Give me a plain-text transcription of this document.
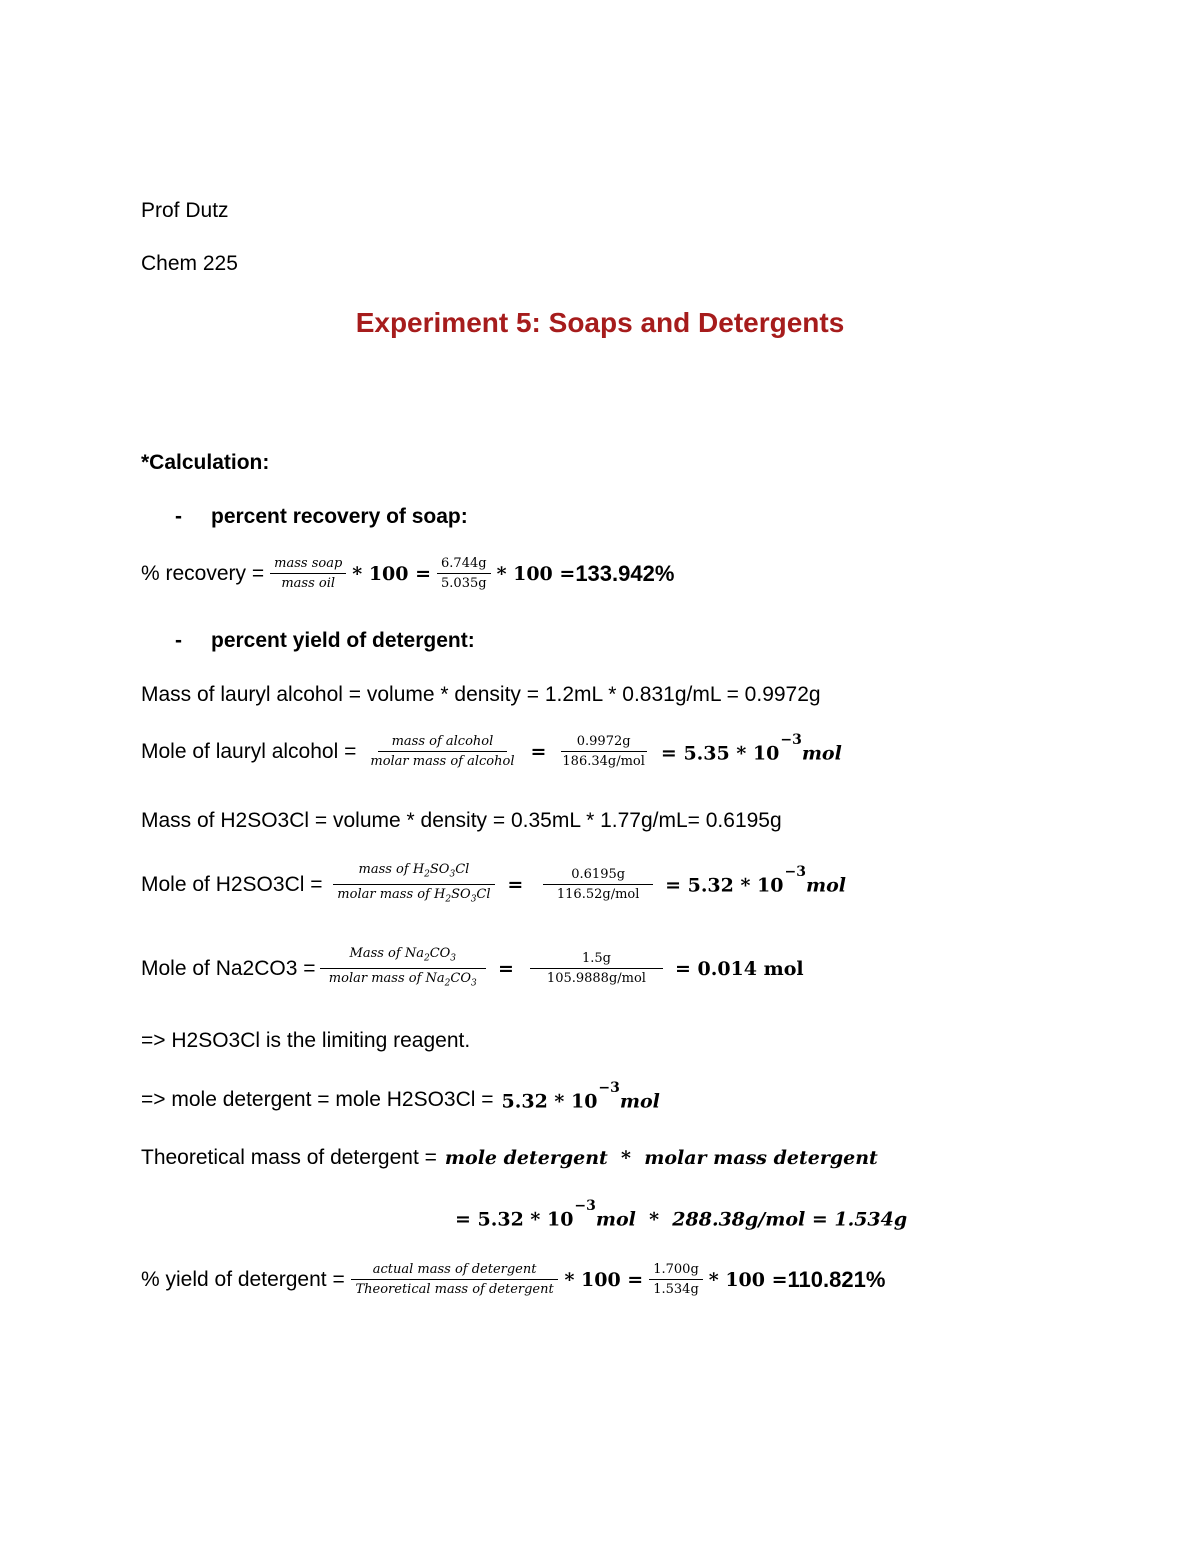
Prof Dutz
Chem 225
Experiment 5: Soaps and Detergents
*Calculation:
- percent recovery of soap:
% recovery = $\frac{\text{mass soap}}{\text{mass oil}} * 100 = \frac{6.744g}{5.035g} * 100 = 133.942\%$
- percent yield of detergent:
Mass of lauryl alcohol = volume * density = 1.2mL * 0.831g/mL = 0.9972g
Mole of lauryl alcohol = $\frac{\text{mass of alcohol}}{\text{molar mass of alcohol}} = \frac{0.9972g}{\text{186.34g/mol}} = 5.35 * 10^{-3}mol$
Mass of H2SO3Cl = volume * density = 0.35mL * 1.77g/mL= 0.6195g
Mole of $H2SO3Cl = \frac{mass of H_2SO_3Cl}{molar mass of H_2SO_3Cl} = \frac{0.6195g}{\text{116.52g/mol}} = 5.32 * 10^{-3}mol$
Mole of $Na2CO3 = \frac{Mass of Na_2CO_3}{molar mass of Na_2CO_3} = \frac{1.5g}{\text{105.9888g/mol}} = 0.014$ mol
=> H2SO3Cl is the limiting reagent.
=> mole detergent = mole $H2SO3Cl = 5.32 * 10^{-3}mol$
Theoretical mass of detergent = mole detergent  *  molar mass detergent
= $5.32 * 10^{-3}mol * 288.38g/mol = 1.534g$
% yield of detergent = $\frac{\text{actual mass of detergent}}{\text{Theoretical mass of detergent}} * 100 = \frac{1.700g}{1.534g} * 100 = 110.821\%$
